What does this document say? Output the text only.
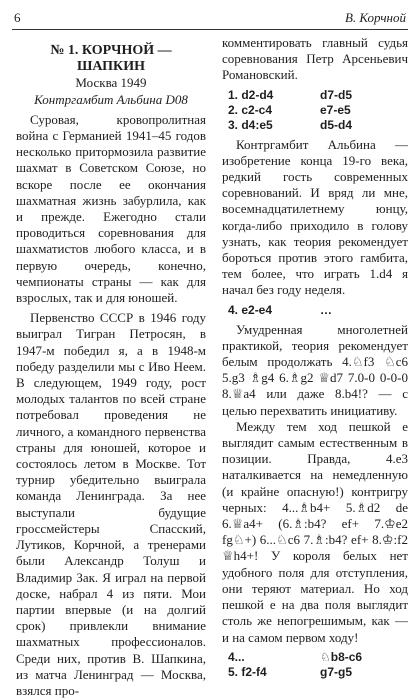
6	В. Корчной
№ 1. КОРЧНОЙ — ШАПКИН
Москва 1949
Контргамбит Альбина D08

Суровая, кровопролитная война с Германией 1941–45 годов несколько притормозила развитие шахмат в Советском Союзе, но вскоре после ее окончания шахматная жизнь забурлила, как и прежде. Ежегодно стали проводиться соревнования для шахматистов любого класса, и в первую очередь, конечно, чемпионаты страны — как для взрослых, так и для юношей.

Первенство СССР в 1946 году выиграл Тигран Петросян, в 1947-м победил я, а в 1948-м победу разделили мы с Иво Неем. В следующем, 1949 году, рост молодых талантов по всей стране потребовал проведения не личного, а командного первенства страны для юношей, которое и состоялось летом в Москве. Тот турнир убедительно выиграла команда Ленинграда. За нее выступали будущие гроссмейстеры Спасский, Лутиков, Корчной, а тренерами были Александр Толуш и Владимир Зак. Я играл на первой доске, набрал 4 из пяти. Мои партии впервые (и на долгий срок) привлекли внимание шахматных профессионалов. Среди них, против В. Шапкина, из матча Ленинград — Москва, взялся про-

комментировать главный судья соревнования Петр Арсеньевич Романовский.

1. d2-d4	d7-d5
2. c2-c4	e7-e5
3. d4:e5	d5-d4

Контргамбит Альбина — изобретение конца 19-го века, редкий гость современных соревнований. И вряд ли мне, восемнадцатилетнему юнцу, когда-либо приходило в голову узнать, как теория рекомендует бороться против этого гамбита, тем более, что играть 1.d4 я начал без году неделя.

4. e2-e4	…

Умудренная многолетней практикой, теория рекомендует белым продолжать 4.♘f3 ♘c6 5.g3 ♗g4 6.♗g2 ♕d7 7.0-0 0-0-0 8.♕a4 или даже 8.b4!? — с целью перехватить инициативу.

Между тем ход пешкой e выглядит самым естественным в позиции. Правда, 4.e3 наталкивается на немедленную (и крайне опасную!) контригру черных: 4...♗b4+ 5.♗d2 de 6.♕a4+ (6.♗:b4? ef+ 7.♔e2 fg♘+) 6...♘c6 7.♗:b4? ef+ 8.♔:f2 ♕h4+! У короля белых нет удобного поля для отступления, они теряют материал. Но ход пешкой e на два поля выглядит столь же непогрешимым, как — и на самом первом ходу!

4...	♘b8-c6
5. f2-f4	g7-g5
